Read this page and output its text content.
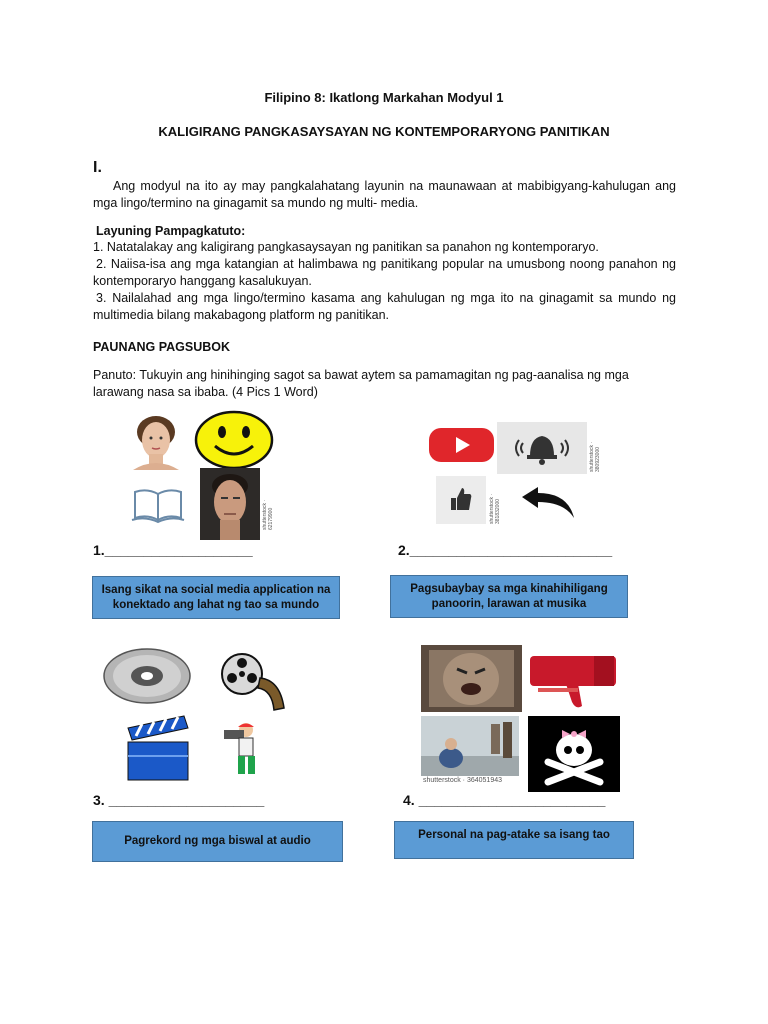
Filipino 8: Ikatlong Markahan Modyul 1
KALIGIRANG PANGKASAYSAYAN NG KONTEMPORARYONG PANITIKAN
I.
Ang modyul na ito ay may pangkalahatang layunin na maunawaan at mabibigyang-kahulugan ang mga lingo/termino na ginagamit sa mundo ng multi- media.
Layuning Pampagkatuto:
1. Natatalakay ang kaligirang pangkasaysayan ng panitikan sa panahon ng kontemporaryo.
2. Naiisa-isa ang mga katangian at halimbawa ng panitikang popular na umusbong noong panahon ng kontemporaryo hanggang kasalukuyan.
3. Nailalahad ang mga lingo/termino kasama ang kahulugan ng mga ito na ginagamit sa mundo ng multimedia bilang makabagong platform ng panitikan.
PAUNANG PAGSUBOK
Panuto: Tukuyin ang hinihinging sagot sa bawat aytem sa pamamagitan ng pag-aanalisa ng mga larawang nasa sa ibaba. (4 Pics 1 Word)
shutterstock · 62179900
shutterstock · 380923000
shutterstock · 381832000
1.___________________	2.__________________________
Isang sikat na social media application na konektado ang lahat ng tao sa mundo
Pagsubaybay sa mga kinahihiligang panoorin, larawan at musika
shutterstock · 364051943
3. ____________________	4. ________________________
Pagrekord ng mga biswal at audio	Personal na pag-atake sa isang tao
